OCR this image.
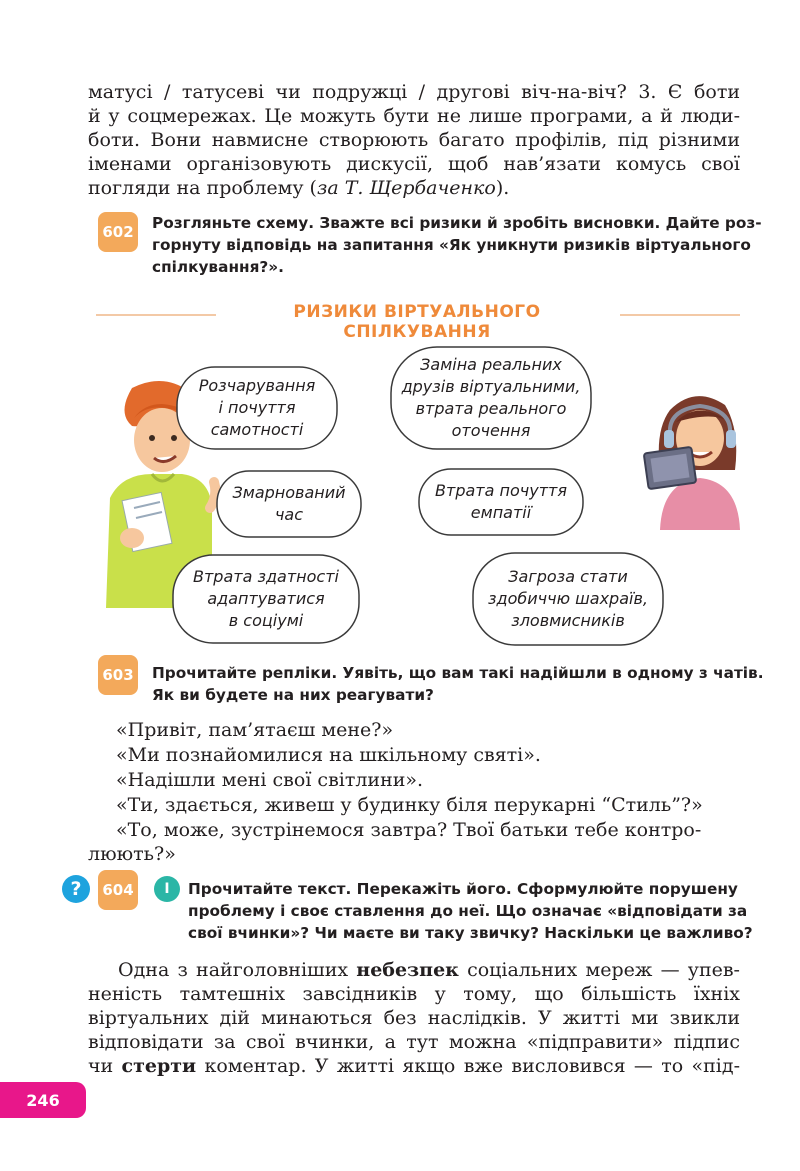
матусі / татусеві чи подружці / другові віч-на-віч? 3. Є боти
й у соцмережах. Це можуть бути не лише програми, а й люди-
боти. Вони навмисне створюють багато профілів, під різними
іменами організовують дискусії, щоб нав’язати комусь свої
погляди на проблему (за Т. Щербаченко).

602 Розгляньте схему. Зважте всі ризики й зробіть висновки. Дайте роз-
горнуту відповідь на запитання «Як уникнути ризиків віртуального
спілкування?».

РИЗИКИ ВІРТУАЛЬНОГО СПІЛКУВАННЯ
Розчарування
і почуття
самотності
Заміна реальних
друзів віртуальними,
втрата реального
оточення
Змарнований
час
Втрата почуття
емпатії
Втрата здатності
адаптуватися
в соціумі
Загроза стати
здобиччю шахраїв,
зловмисників
603 Прочитайте репліки. Уявіть, що вам такі надійшли в одному з чатів.
Як ви будете на них реагувати?

«Привіт, пам’ятаєш мене?»

«Ми познайомилися на шкільному святі».

«Надішли мені свої світлини».

«Ти, здається, живеш у будинку біля перукарні “Стиль”?»

«То, може, зустрінемося завтра? Твої батьки тебе контро-

люють?»

?	604	І	Прочитайте текст. Перекажіть його. Сформулюйте порушену
проблему і своє ставлення до неї. Що означає «відповідати за
свої вчинки»? Чи маєте ви таку звичку? Наскільки це важливо?

Одна з найголовніших небезпек соціальних мереж — упев-
неність тамтешніх завсідників у тому, що більшість їхніх
віртуальних дій минаються без наслідків. У житті ми звикли
відповідати за свої вчинки, а тут можна «підправити» підпис
чи стерти коментар. У житті якщо вже висловився — то «під-

246
